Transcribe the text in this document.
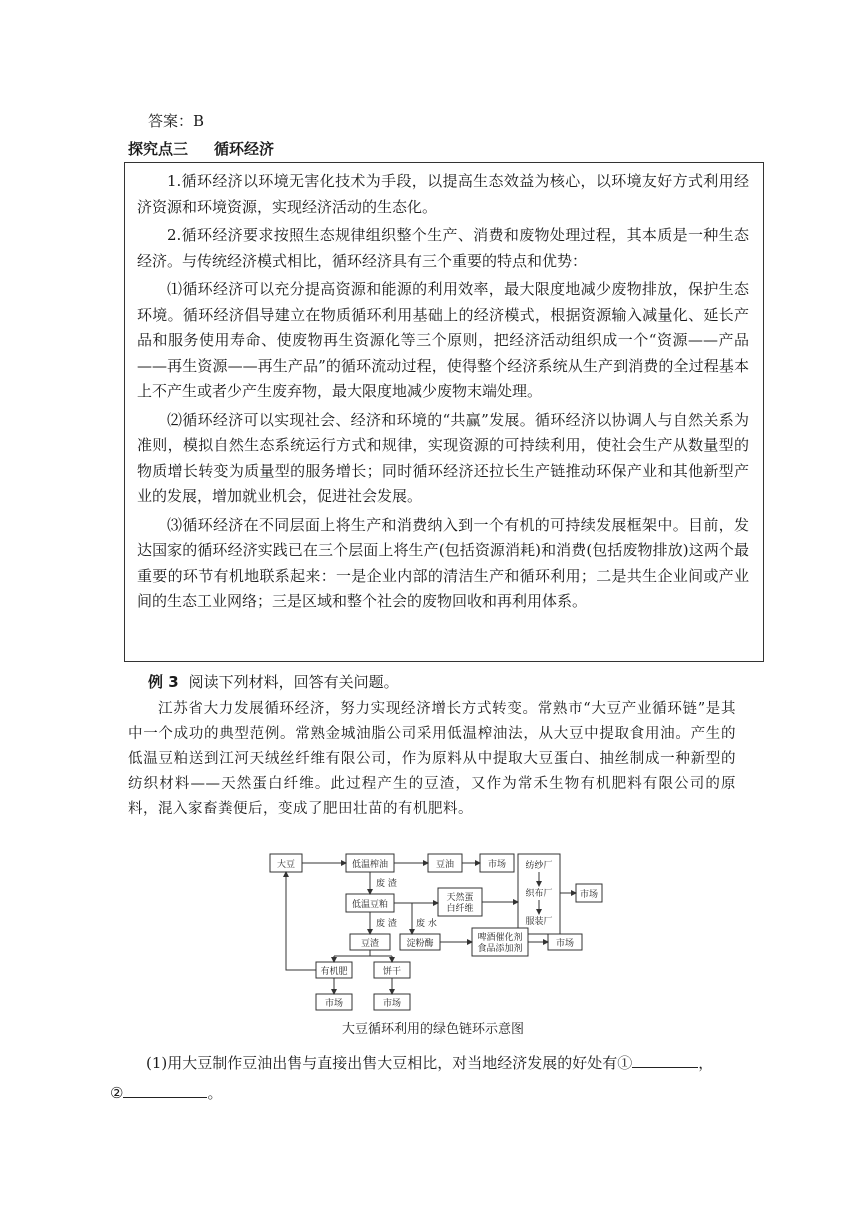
答案：B
探究点三 循环经济

1.循环经济以环境无害化技术为手段，以提高生态效益为核心，以环境友好方式利用经济资源和环境资源，实现经济活动的生态化。

2.循环经济要求按照生态规律组织整个生产、消费和废物处理过程，其本质是一种生态经济。与传统经济模式相比，循环经济具有三个重要的特点和优势：

⑴循环经济可以充分提高资源和能源的利用效率，最大限度地减少废物排放，保护生态环境。循环经济倡导建立在物质循环利用基础上的经济模式，根据资源输入减量化、延长产品和服务使用寿命、使废物再生资源化等三个原则，把经济活动组织成一个“资源——产品——再生资源——再生产品”的循环流动过程，使得整个经济系统从生产到消费的全过程基本上不产生或者少产生废弃物，最大限度地减少废物末端处理。

⑵循环经济可以实现社会、经济和环境的“共赢”发展。循环经济以协调人与自然关系为准则，模拟自然生态系统运行方式和规律，实现资源的可持续利用，使社会生产从数量型的物质增长转变为质量型的服务增长；同时循环经济还拉长生产链推动环保产业和其他新型产业的发展，增加就业机会，促进社会发展。

⑶循环经济在不同层面上将生产和消费纳入到一个有机的可持续发展框架中。目前，发达国家的循环经济实践已在三个层面上将生产(包括资源消耗)和消费(包括废物排放)这两个最重要的环节有机地联系起来：一是企业内部的清洁生产和循环利用；二是共生企业间或产业间的生态工业网络；三是区域和整个社会的废物回收和再利用体系。

例 3 阅读下列材料，回答有关问题。
江苏省大力发展循环经济，努力实现经济增长方式转变。常熟市“大豆产业循环链”是其中一个成功的典型范例。常熟金城油脂公司采用低温榨油法，从大豆中提取食用油。产生的低温豆粕送到江河天绒丝纤维有限公司，作为原料从中提取大豆蛋白、抽丝制成一种新型的纺织材料——天然蛋白纤维。此过程产生的豆渣，又作为常禾生物有机肥料有限公司的原料，混入家畜粪便后，变成了肥田壮苗的有机肥料。
大豆	低温榨油	豆油	市场 纺纱厂
织布厂
服装厂
市场
低温豆粕
天然蛋
白纤维
豆渣	淀粉酶
啤酒催化剂
食品添加剂	市场
有机肥	饼干
市场	市场
废 渣
废 渣 废 水
大豆循环利用的绿色链环示意图
(1)用大豆制作豆油出售与直接出售大豆相比，对当地经济发展的好处有①	，
②	。
